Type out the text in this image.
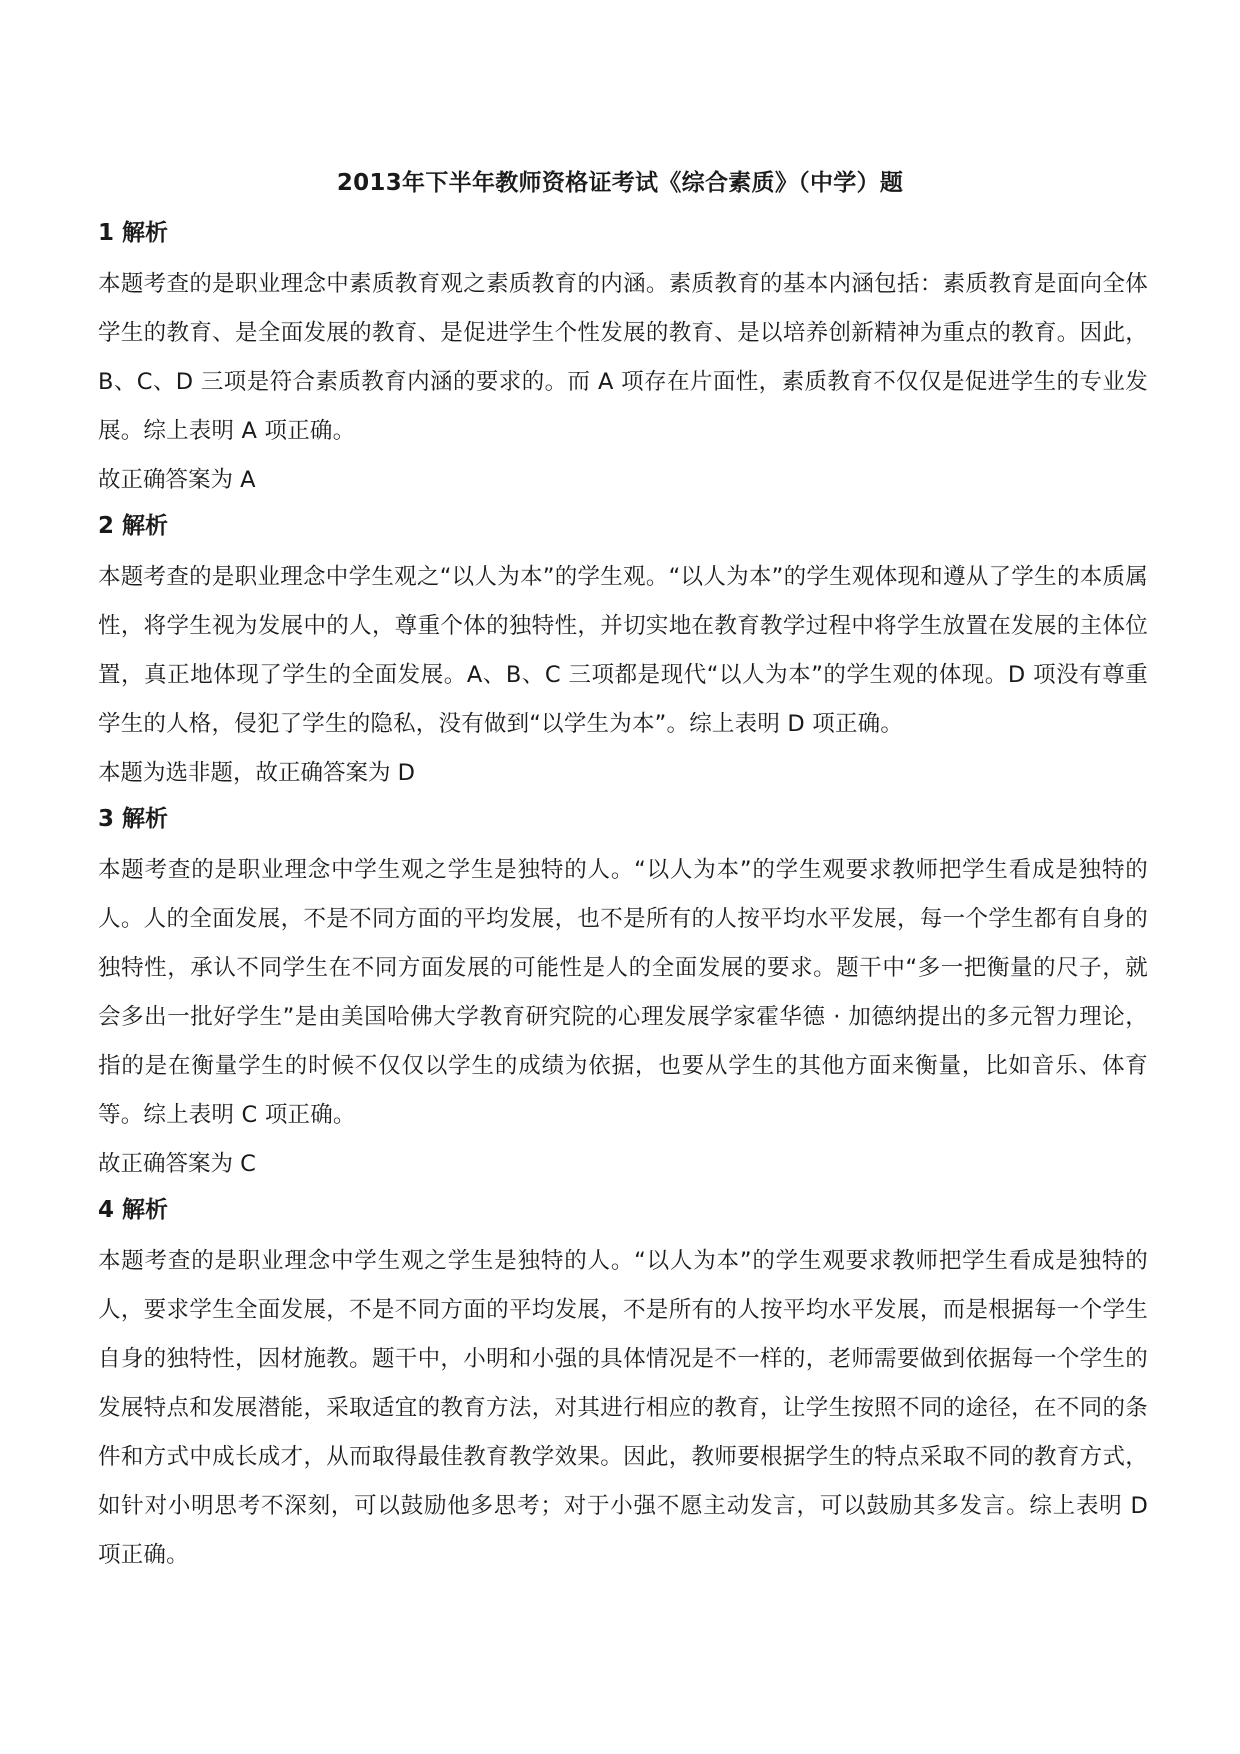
2013年下半年教师资格证考试《综合素质》（中学）题
1 解析

本题考查的是职业理念中素质教育观之素质教育的内涵。素质教育的基本内涵包括：素质教育是面向全体学生的教育、是全面发展的教育、是促进学生个性发展的教育、是以培养创新精神为重点的教育。因此，B、C、D 三项是符合素质教育内涵的要求的。而 A 项存在片面性，素质教育不仅仅是促进学生的专业发展。综上表明 A 项正确。

故正确答案为 A

2 解析

本题考查的是职业理念中学生观之“以人为本”的学生观。“以人为本”的学生观体现和遵从了学生的本质属性，将学生视为发展中的人，尊重个体的独特性，并切实地在教育教学过程中将学生放置在发展的主体位置，真正地体现了学生的全面发展。A、B、C 三项都是现代“以人为本”的学生观的体现。D 项没有尊重学生的人格，侵犯了学生的隐私，没有做到“以学生为本”。综上表明 D 项正确。

本题为选非题，故正确答案为 D

3 解析

本题考查的是职业理念中学生观之学生是独特的人。“以人为本”的学生观要求教师把学生看成是独特的人。人的全面发展，不是不同方面的平均发展，也不是所有的人按平均水平发展，每一个学生都有自身的独特性，承认不同学生在不同方面发展的可能性是人的全面发展的要求。题干中“多一把衡量的尺子，就会多出一批好学生”是由美国哈佛大学教育研究院的心理发展学家霍华德 · 加德纳提出的多元智力理论，指的是在衡量学生的时候不仅仅以学生的成绩为依据，也要从学生的其他方面来衡量，比如音乐、体育等。综上表明 C 项正确。

故正确答案为 C

4 解析

本题考查的是职业理念中学生观之学生是独特的人。“以人为本”的学生观要求教师把学生看成是独特的人，要求学生全面发展，不是不同方面的平均发展，不是所有的人按平均水平发展，而是根据每一个学生自身的独特性，因材施教。题干中，小明和小强的具体情况是不一样的，老师需要做到依据每一个学生的发展特点和发展潜能，采取适宜的教育方法，对其进行相应的教育，让学生按照不同的途径，在不同的条件和方式中成长成才，从而取得最佳教育教学效果。因此，教师要根据学生的特点采取不同的教育方式，如针对小明思考不深刻，可以鼓励他多思考；对于小强不愿主动发言，可以鼓励其多发言。综上表明 D 项正确。
